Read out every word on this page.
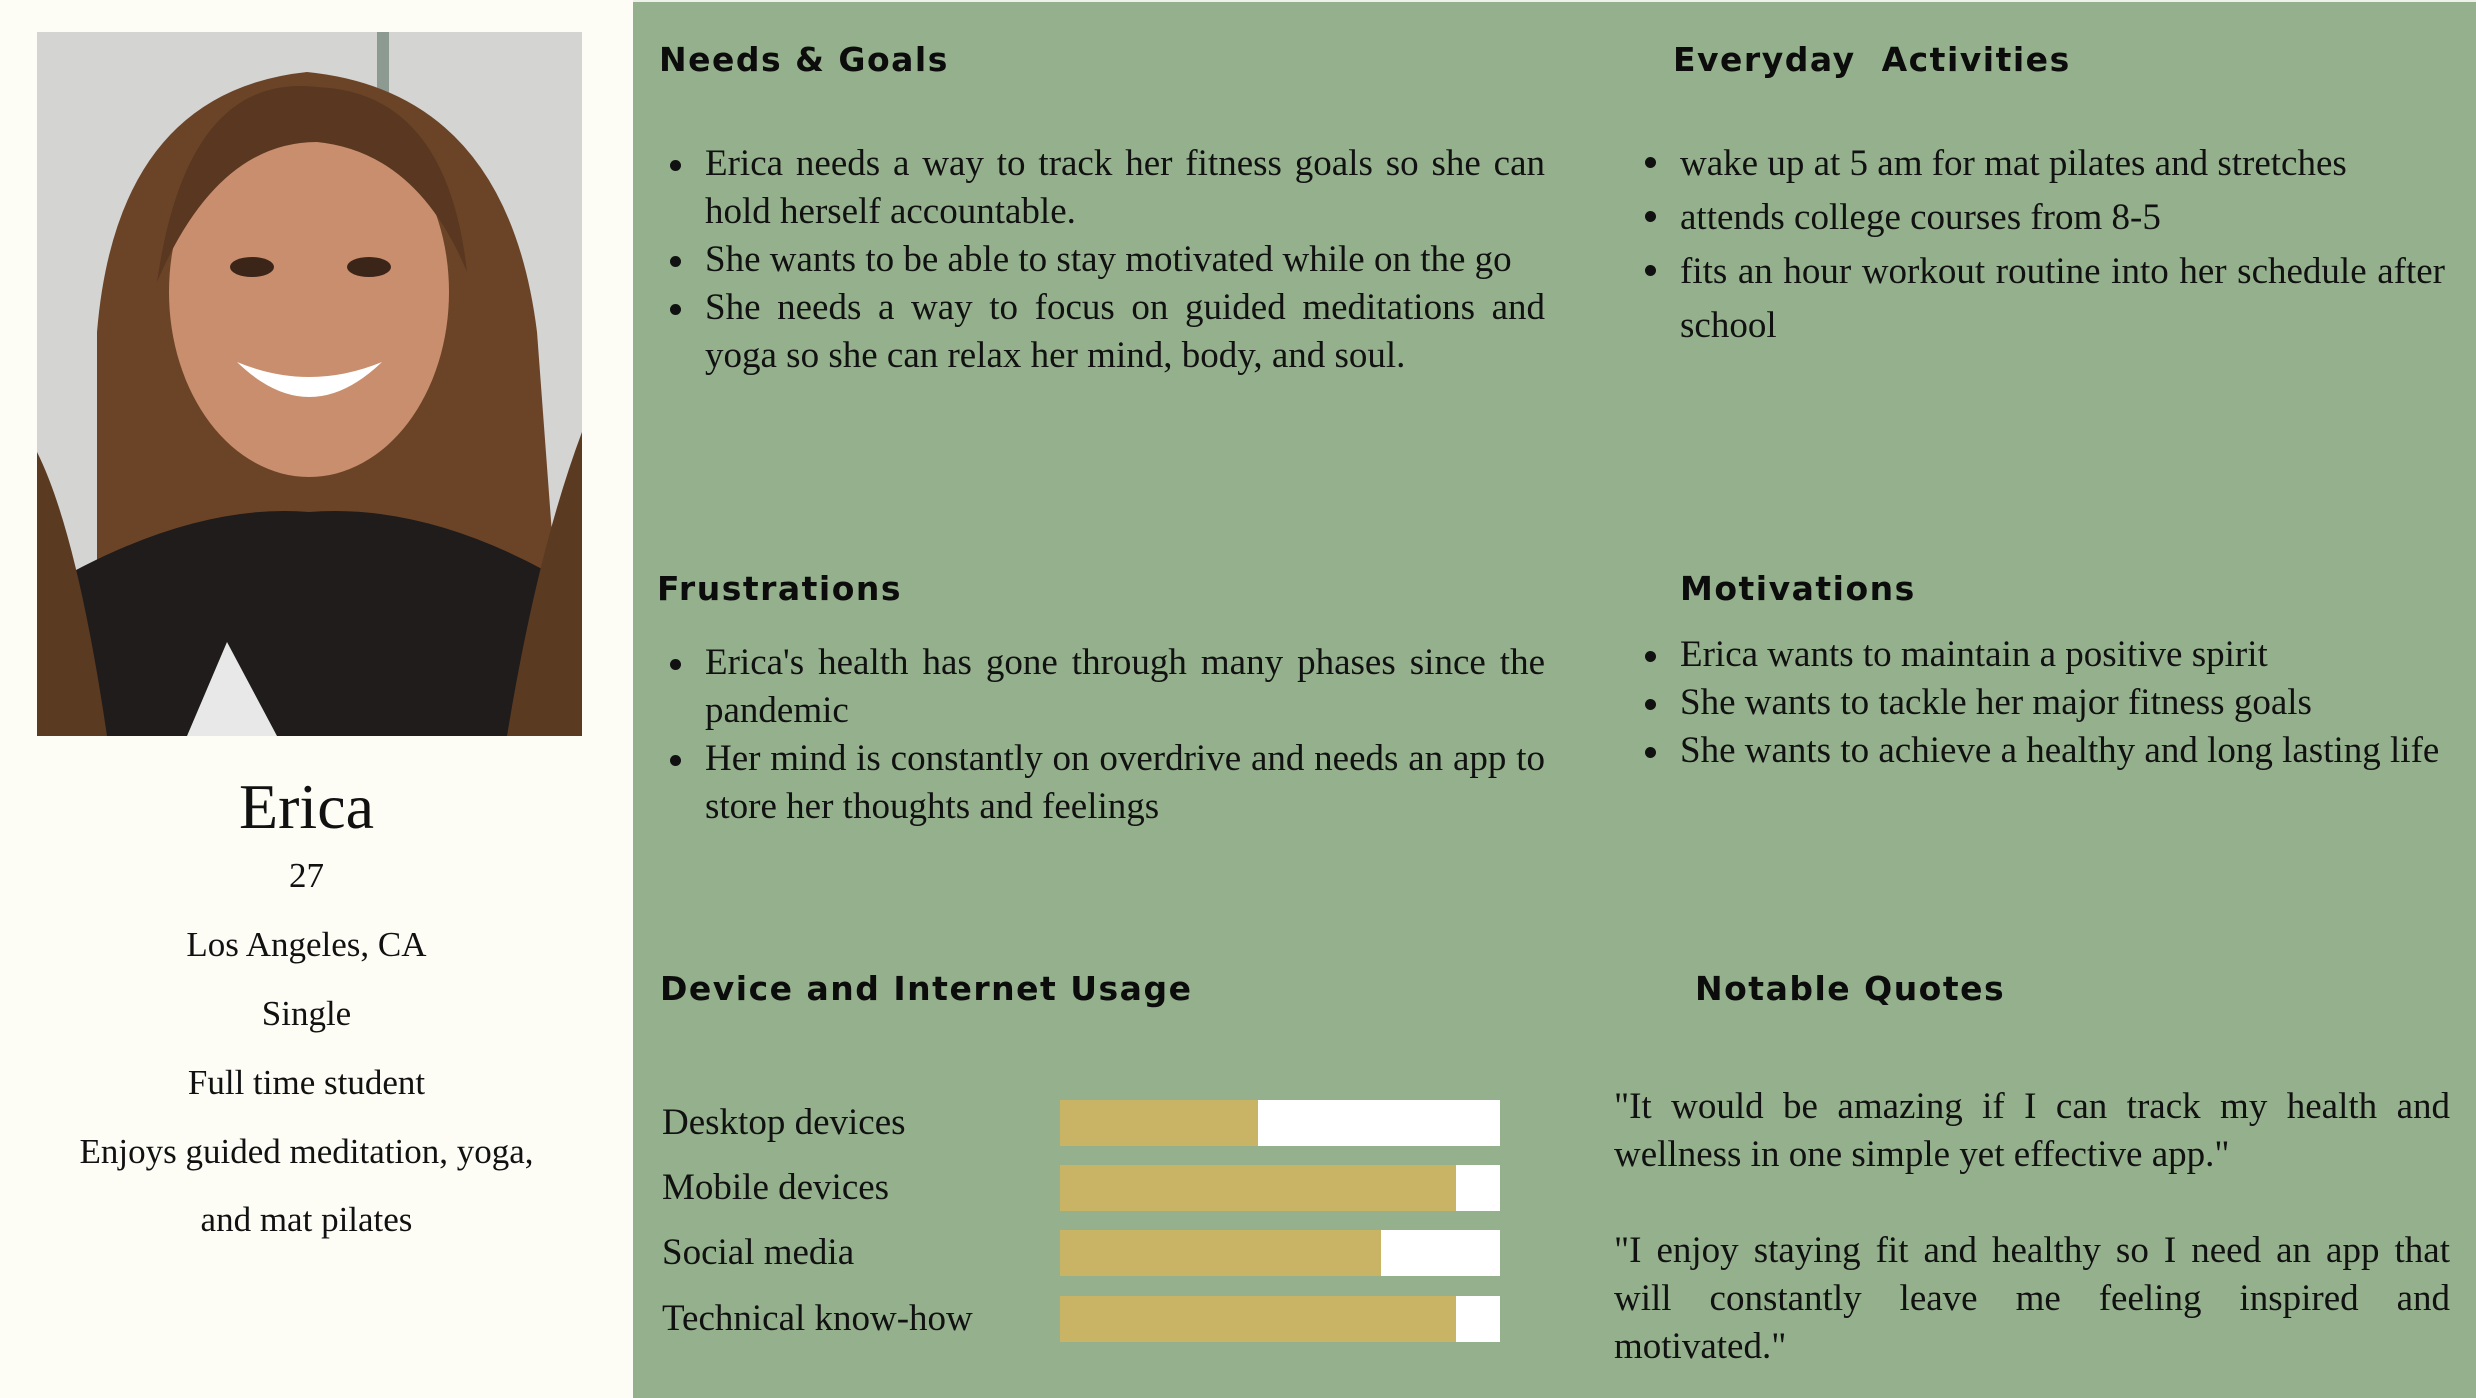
Erica
27
Los Angeles, CA
Single
Full time student
Enjoys guided meditation, yoga,
and mat pilates
Needs & Goals
Erica needs a way to track her fitness goals so she can hold herself accountable.
She wants to be able to stay motivated while on the go
She needs a way to focus on guided meditations and yoga so she can relax her mind, body, and soul.
Everyday  Activities
wake up at 5 am for mat pilates and stretches
attends college courses from 8-5
fits an hour workout routine into her schedule after school
Frustrations
Erica's health has gone through many phases since the pandemic
Her mind is constantly on overdrive and needs an app to store her thoughts and feelings
Motivations
Erica wants to maintain a positive spirit
She wants to tackle her major fitness goals
She wants to achieve a healthy and long lasting life
Device and Internet Usage
Desktop devices
Mobile devices
Social media
Technical know-how
Notable Quotes
"It would be amazing if I can track my health and wellness in one simple yet effective app."
"I enjoy staying fit and healthy so I need an app that will constantly leave me feeling inspired and motivated."
